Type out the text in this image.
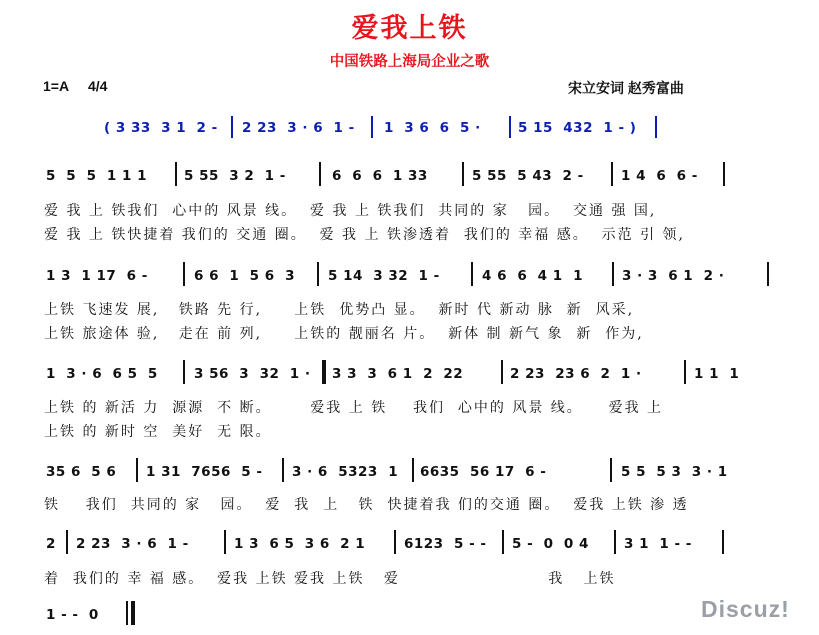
爱我上铁
中国铁路上海局企业之歌
1=A     4/4	宋立安词 赵秀富曲
( 3 33  3 1  2 - 2 23  3 · 6  1 - 1  3 6  6  5 ·	5 15  432  1 - )
5  5  5  1 1 1	5 55  3 2  1 -	6  6  6  1 33	5 55  5 43  2 -	1 4  6  6 -
爱 我 上 铁我们  心中的 风景 线。  爱 我 上 铁我们  共同的 家   园。  交通 强 国,
爱 我 上 铁快捷着 我们的 交通 圈。  爱 我 上 铁渗透着  我们的 幸福 感。  示范 引 领,
1 3  1 17  6 -	6 6  1  5 6  3 5 14  3 32  1 -	4 6  6  4 1  1	3 · 3  6 1  2 ·
上铁 飞速发 展,   铁路 先 行,     上铁  优势凸 显。  新时 代 新动 脉  新  风采,
上铁 旅途体 验,   走在 前 列,     上铁的 靓丽名 片。  新体 制 新气 象  新  作为,
1  3 · 6  6 5  5	3 56  3  32  1 · 3 3  3  6 1  2  22	2 23  23 6  2  1 ·	1 1  1
上铁 的 新活 力  源源  不 断。      爱我 上 铁    我们  心中的 风景 线。    爱我 上
上铁 的 新时 空  美好  无 限。
35 6  5 6 1 31  7656  5 - 3 · 6  5323  1 6635  56 17  6 -	5 5  5 3  3 · 1
铁    我们  共同的 家   园。  爱  我  上   铁  快捷着我 们的交通 圈。  爱我 上铁 渗 透
2 2 23  3 · 6  1 -	1 3  6 5  3 6  2 1	6123  5 - - 5 -  0  0 4	3 1  1 - -
着  我们的 幸 福 感。  爱我 上铁 爱我 上铁   爱                       我   上铁
1 - -  0	Discuz!
